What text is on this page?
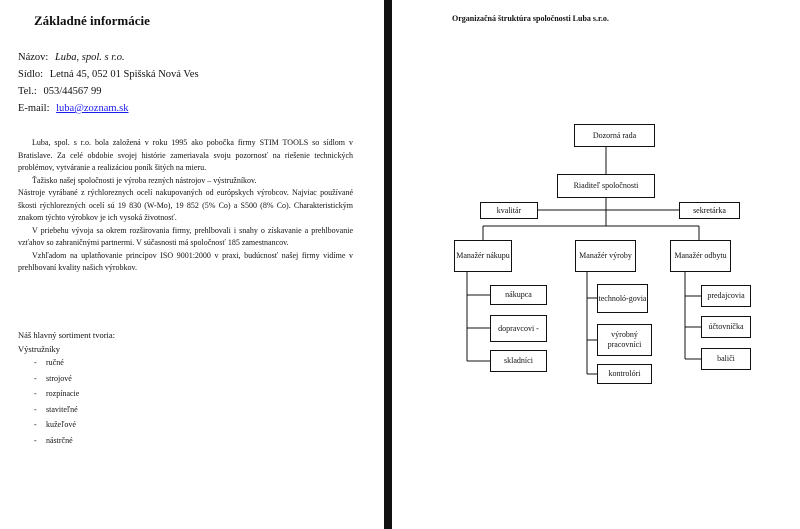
Základné informácie
Názov: Luba, spol. s r.o.
Sídlo: Letná 45, 052 01 Spišská Nová Ves
Tel.: 053/44567 99
E-mail: luba@zoznam.sk

Luba, spol. s r.o. bola založená v roku 1995 ako pobočka firmy STIM TOOLS so sídlom v Bratislave. Za celé obdobie svojej histórie zameriavala svoju pozornosť na riešenie technických problémov, vytváranie a realizáciou poník šitých na mieru.

Ťažisko našej spoločnosti je výroba rezných nástrojov – výstružníkov.

Nástroje vyrábané z rýchloreznych ocelí nakupovaných od európskych výrobcov. Najviac používané škosti rýchlorezných ocelí sú 19 830 (W-Mo), 19 852 (5% Co) a S500 (8% Co). Charakteristickým znakom týchto výrobkov je ich vysoká životnosť.

V priebehu vývoja sa okrem rozširovania firmy, prehlbovali i snahy o získavanie a prehlbovanie vzťahov so zahraničnými partnermi. V súčasnosti má spoločnosť 185 zamestnancov.

Vzhľadom na uplatňovanie princípov ISO 9001:2000 v praxi, budúcnosť našej firmy vidíme v prehlbovaní kvality našich výrobkov.

Náš hlavný sortiment tvoria:
Výstružníky
-	ručné
-	strojové
-	rozpínacie
-	staviteľné
-	kužeľové
-	nástrčné
Organizačná štruktúra spoločnosti Luba s.r.o.
Dozorná rada
Riaditeľ spoločnosti
kvalitár	sekretárka
Manažér nákupu	Manažér výroby	Manažér odbytu
nákupca
dopravcovi -
skladníci
technoló-govia
výrobný pracovníci
kontrolóri
predajcovia
účtovníčka
baliči
